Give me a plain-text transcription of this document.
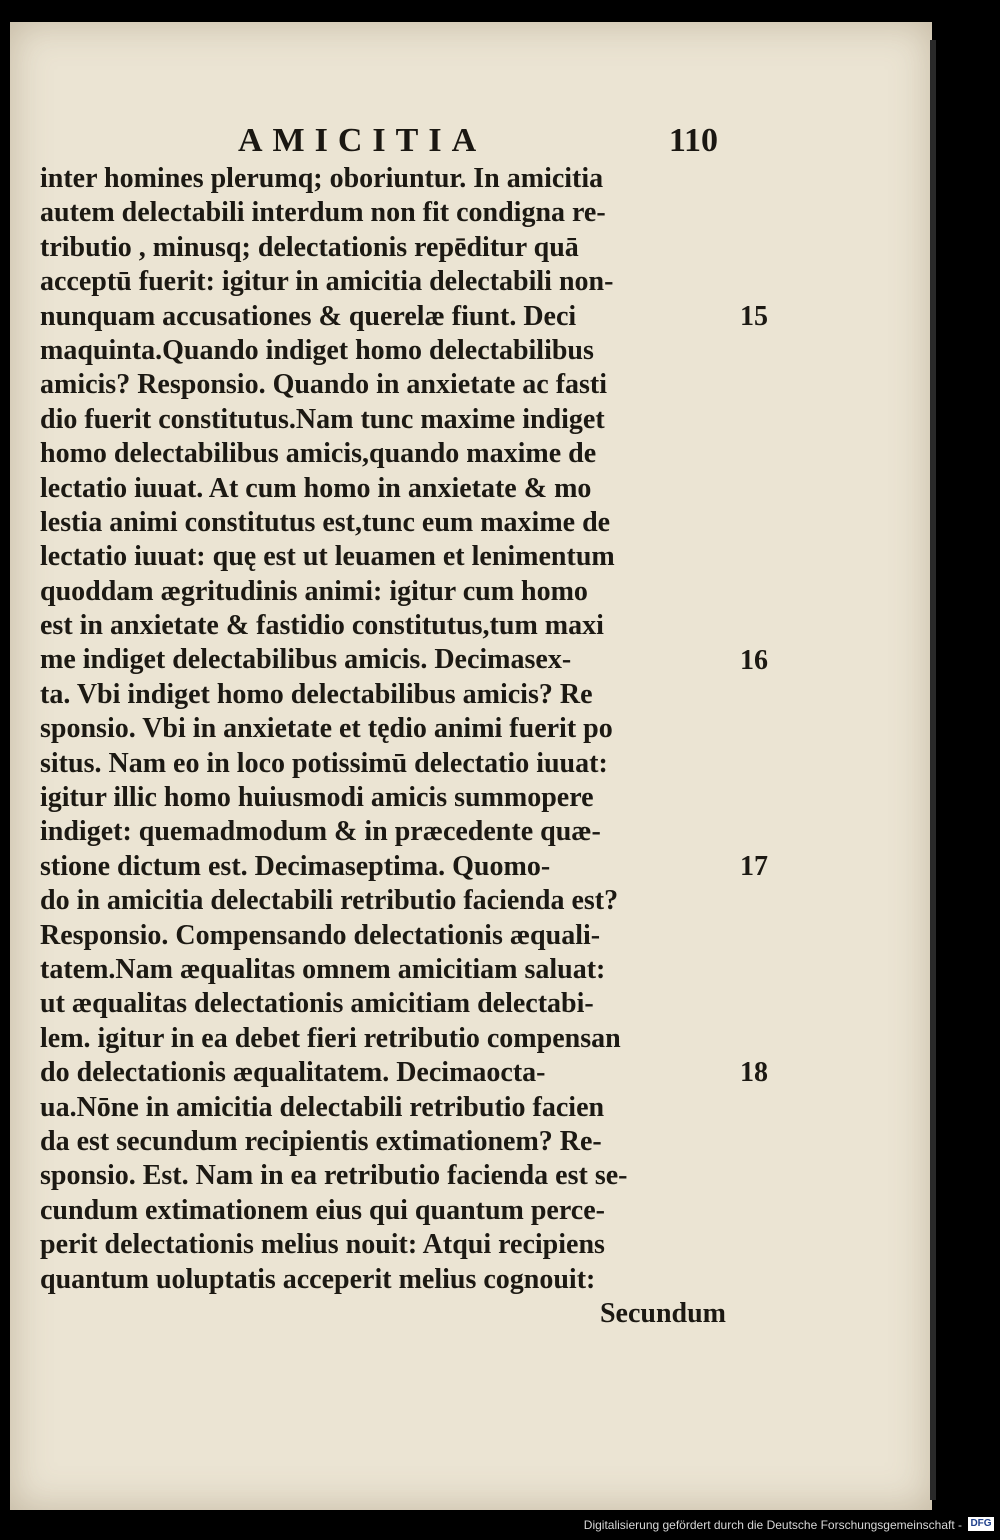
AMICITIA	110
inter homines plerumq; oboriuntur. In amicitia
autem delectabili interdum non fit condigna re-
tributio , minusq; delectationis repēditur quā
acceptū fuerit: igitur in amicitia delectabili non-
nunquam accusationes & querelæ fiunt. Deci
maquinta.Quando indiget homo delectabilibus
amicis? Responsio. Quando in anxietate ac fasti
dio fuerit constitutus.Nam tunc maxime indiget
homo delectabilibus amicis,quando maxime de
lectatio iuuat. At cum homo in anxietate & mo
lestia animi constitutus est,tunc eum maxime de
lectatio iuuat: quę est ut leuamen et lenimentum
quoddam ægritudinis animi: igitur cum homo
est in anxietate & fastidio constitutus,tum maxi
me indiget delectabilibus amicis. Decimasex-
ta. Vbi indiget homo delectabilibus amicis? Re
sponsio. Vbi in anxietate et tędio animi fuerit po
situs. Nam eo in loco potissimū delectatio iuuat:
igitur illic homo huiusmodi amicis summopere
indiget: quemadmodum & in præcedente quæ-
stione dictum est. Decimaseptima. Quomo-
do in amicitia delectabili retributio facienda est?
Responsio. Compensando delectationis æquali-
tatem.Nam æqualitas omnem amicitiam saluat:
ut æqualitas delectationis amicitiam delectabi-
lem. igitur in ea debet fieri retributio compensan
do delectationis æqualitatem. Decimaocta-
ua.Nōne in amicitia delectabili retributio facien
da est secundum recipientis extimationem? Re-
sponsio. Est. Nam in ea retributio facienda est se-
cundum extimationem eius qui quantum perce-
perit delectationis melius nouit: Atqui recipiens
quantum uoluptatis acceperit melius cognouit:
Secundum
15
16
17
18
Digitalisierung gefördert durch die Deutsche Forschungsgemeinschaft - DFG
